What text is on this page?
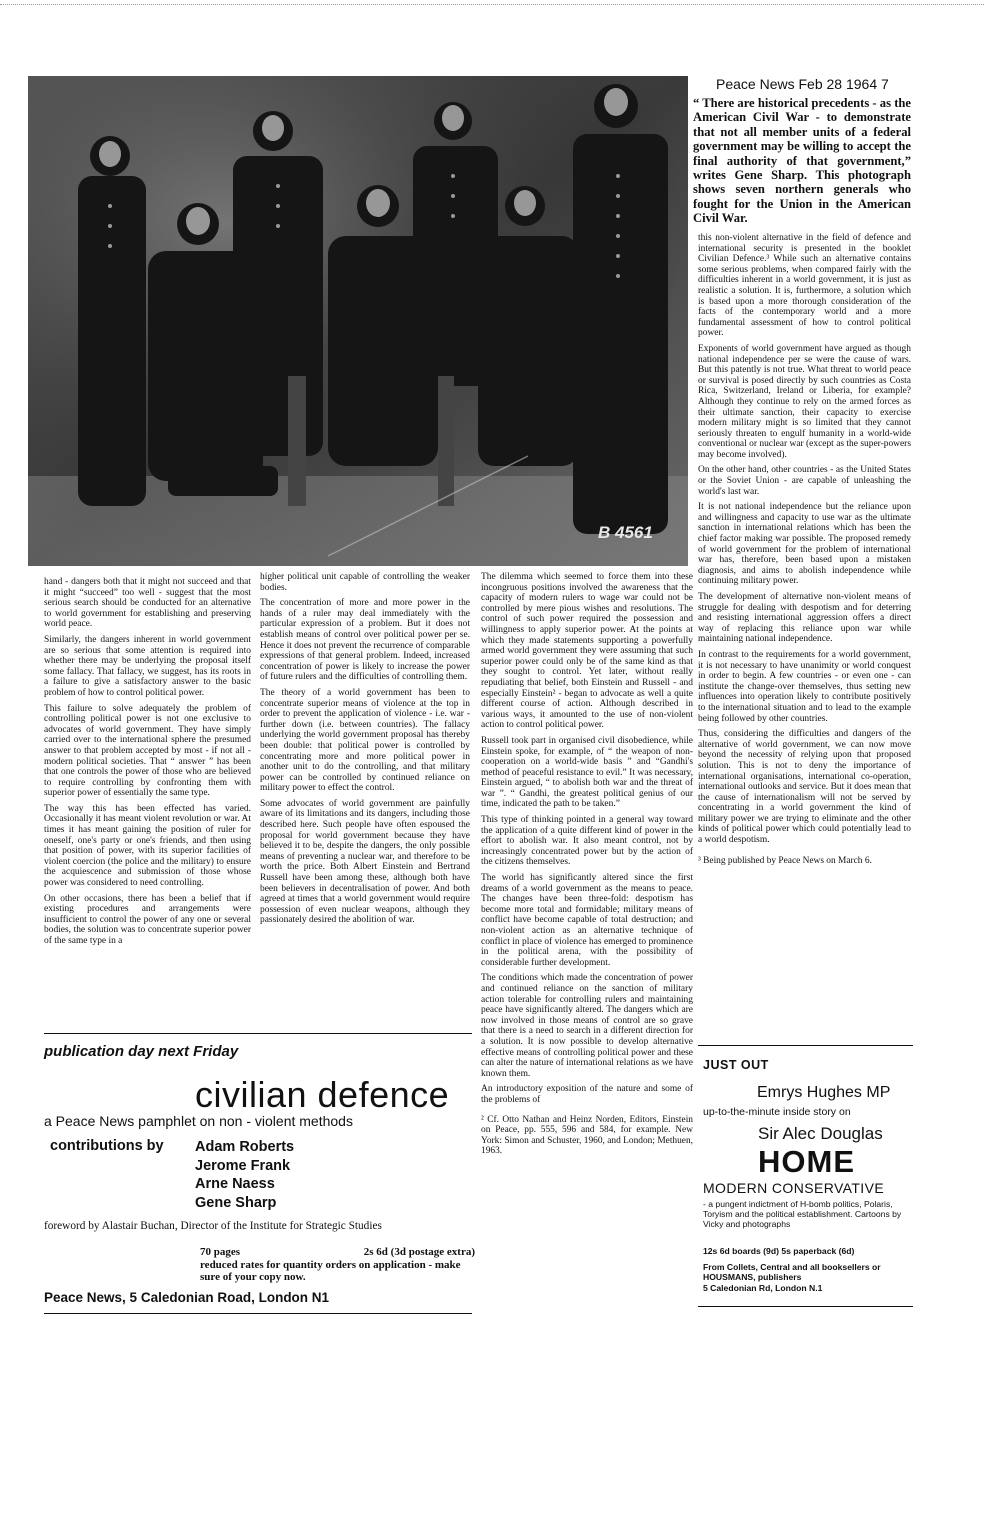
B 4561
Peace News Feb 28 1964 7
“ There are historical precedents - as the American Civil War - to demonstrate that not all member units of a federal government may be willing to accept the final authority of that government,” writes Gene Sharp. This photograph shows seven northern generals who fought for the Union in the American Civil War.

hand - dangers both that it might not succeed and that it might “succeed” too well - suggest that the most serious search should be conducted for an alternative to world government for establishing and preserving world peace.

Similarly, the dangers inherent in world government are so serious that some attention is required into whether there may be underlying the proposal itself some fallacy. That fallacy, we suggest, has its roots in a failure to give a satisfactory answer to the basic problem of how to control political power.

This failure to solve adequately the problem of controlling political power is not one exclusive to advocates of world government. They have simply carried over to the international sphere the presumed answer to that problem accepted by most - if not all - modern political societies. That “ answer ” has been that one controls the power of those who are believed to require controlling by confronting them with superior power of essentially the same type.

The way this has been effected has varied. Occasionally it has meant violent revolution or war. At times it has meant gaining the position of ruler for oneself, one's party or one's friends, and then using that position of power, with its superior facilities of violent coercion (the police and the military) to ensure the acquiescence and submission of those whose power was considered to need controlling.

On other occasions, there has been a belief that if existing procedures and arrangements were insufficient to control the power of any one or several bodies, the solution was to concentrate superior power of the same type in a

higher political unit capable of controlling the weaker bodies.

The concentration of more and more power in the hands of a ruler may deal immediately with the particular expression of a problem. But it does not establish means of control over political power per se. Hence it does not prevent the recurrence of comparable expressions of that general problem. Indeed, increased concentration of power is likely to increase the power of future rulers and the difficulties of controlling them.

The theory of a world government has been to concentrate superior means of violence at the top in order to prevent the application of violence - i.e. war - further down (i.e. between countries). The fallacy underlying the world government proposal has thereby been double: that political power is controlled by concentrating more and more political power in another unit to do the controlling, and that military power can be controlled by continued reliance on military power to effect the control.

Some advocates of world government are painfully aware of its limitations and its dangers, including those described here. Such people have often espoused the proposal for world government because they have believed it to be, despite the dangers, the only possible means of preventing a nuclear war, and therefore to be worth the price. Both Albert Einstein and Bertrand Russell have been among these, although both have been believers in decentralisation of power. And both agreed at times that a world government would require possession of even nuclear weapons, although they passionately desired the abolition of war.

The dilemma which seemed to force them into these incongruous positions involved the awareness that the capacity of modern rulers to wage war could not be controlled by mere pious wishes and resolutions. The control of such power required the possession and willingness to apply superior power. At the points at which they made statements supporting a powerfully armed world government they were assuming that such superior power could only be of the same kind as that they sought to control. Yet later, without really repudiating that belief, both Einstein and Russell - and especially Einstein² - began to advocate as well a quite different course of action. Although described in various ways, it amounted to the use of non-violent action to control political power.

Russell took part in organised civil disobedience, while Einstein spoke, for example, of “ the weapon of non-cooperation on a world-wide basis ” and “Gandhi's method of peaceful resistance to evil.” It was necessary, Einstein argued, “ to abolish both war and the threat of war ”. “ Gandhi, the greatest political genius of our time, indicated the path to be taken.”

This type of thinking pointed in a general way toward the application of a quite different kind of power in the effort to abolish war. It also meant control, not by increasingly concentrated power but by the action of the citizens themselves.

The world has significantly altered since the first dreams of a world government as the means to peace. The changes have been three-fold: despotism has become more total and formidable; military means of conflict have become capable of total destruction; and non-violent action as an alternative technique of conflict in place of violence has emerged to prominence in the political arena, with the possibility of considerable further development.

The conditions which made the concentration of power and continued reliance on the sanction of military action tolerable for controlling rulers and maintaining peace have significantly altered. The dangers which are now involved in those means of control are so grave that there is a need to search in a different direction for a solution. It is now possible to develop alternative effective means of controlling political power and these can alter the nature of international relations as we have known them.

An introductory exposition of the nature and some of the problems of

² Cf. Otto Nathan and Heinz Norden, Editors, Einstein on Peace, pp. 555, 596 and 584, for example. New York: Simon and Schuster, 1960, and London; Methuen, 1963.

this non-violent alternative in the field of defence and international security is presented in the booklet Civilian Defence.³ While such an alternative contains some serious problems, when compared fairly with the difficulties inherent in a world government, it is just as realistic a solution. It is, furthermore, a solution which is based upon a more thorough consideration of the facts of the contemporary world and a more fundamental assessment of how to control political power.

Exponents of world government have argued as though national independence per se were the cause of wars. But this patently is not true. What threat to world peace or survival is posed directly by such countries as Costa Rica, Switzerland, Ireland or Liberia, for example? Although they continue to rely on the armed forces as their ultimate sanction, their capacity to exercise modern military might is so limited that they cannot seriously threaten to engulf humanity in a world-wide conventional or nuclear war (except as the super-powers may become involved).

On the other hand, other countries - as the United States or the Soviet Union - are capable of unleashing the world's last war.

It is not national independence but the reliance upon and willingness and capacity to use war as the ultimate sanction in international relations which has been the chief factor making war possible. The proposed remedy of world government for the problem of international war has, therefore, been based upon a mistaken diagnosis, and aims to abolish independence while continuing military power.

The development of alternative non-violent means of struggle for dealing with despotism and for deterring and resisting international aggression offers a direct way of replacing this reliance upon war while maintaining national independence.

In contrast to the requirements for a world government, it is not necessary to have unanimity or world conquest in order to begin. A few countries - or even one - can institute the change-over themselves, thus setting new influences into operation likely to contribute positively to the international situation and to lead to the example being followed by other countries.

Thus, considering the difficulties and dangers of the alternative of world government, we can now move beyond the necessity of relying upon that proposed solution. This is not to deny the importance of international organisations, international co-operation, international outlooks and service. But it does mean that the cause of internationalism will not be served by concentrating in a world government the kind of military power we are trying to eliminate and the other kinds of political power which could potentially lead to a world despotism.

³ Being published by Peace News on March 6.

publication day next Friday
civilian defence
a Peace News pamphlet on non - violent methods
contributions by Adam Roberts
Jerome Frank
Arne Naess
Gene Sharp
foreword by Alastair Buchan, Director of the Institute for Strategic Studies
70 pages	2s 6d (3d postage extra)
reduced rates for quantity orders on application - make sure of your copy now.
Peace News, 5 Caledonian Road, London N1
JUST OUT
Emrys Hughes MP
up-to-the-minute inside story on
Sir Alec Douglas
HOME
MODERN CONSERVATIVE
- a pungent indictment of H-bomb politics, Polaris, Toryism and the political establishment. Cartoons by Vicky and photographs
12s 6d boards (9d) 5s paperback (6d)
From Collets, Central and all booksellers or
HOUSMANS, publishers
5 Caledonian Rd, London N.1
